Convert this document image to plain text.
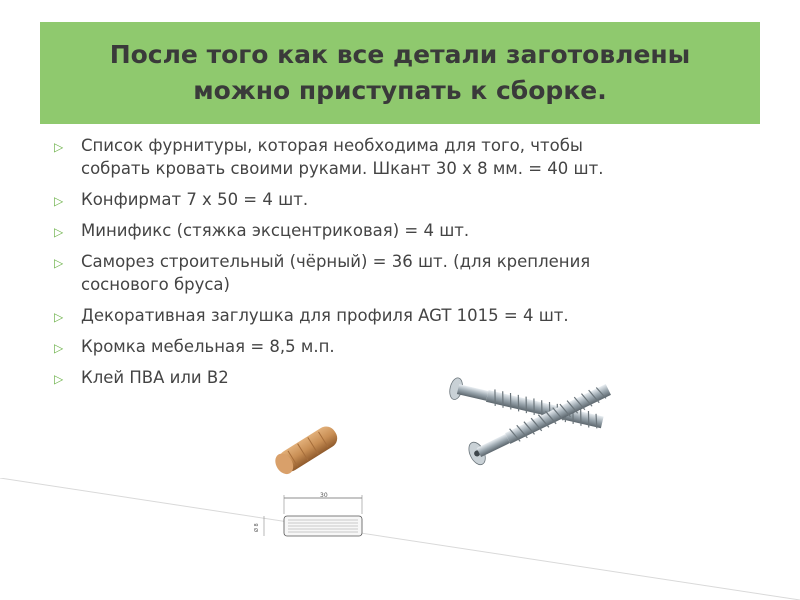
После того как все детали заготовлены
можно приступать к сборке.
▷ Список фурнитуры, которая необходима для того, чтобы
собрать кровать своими руками. Шкант 30 х 8 мм. = 40 шт.
▷ Конфирмат 7 х 50 = 4 шт.
▷ Минификс (стяжка эксцентриковая) = 4 шт.
▷ Саморез строительный (чёрный) = 36 шт. (для крепления
соснового бруса)
▷ Декоративная заглушка для профиля AGT 1015 = 4 шт.
▷ Кромка мебельная = 8,5 м.п.
▷ Клей ПВА или В2
30
Ø 8
